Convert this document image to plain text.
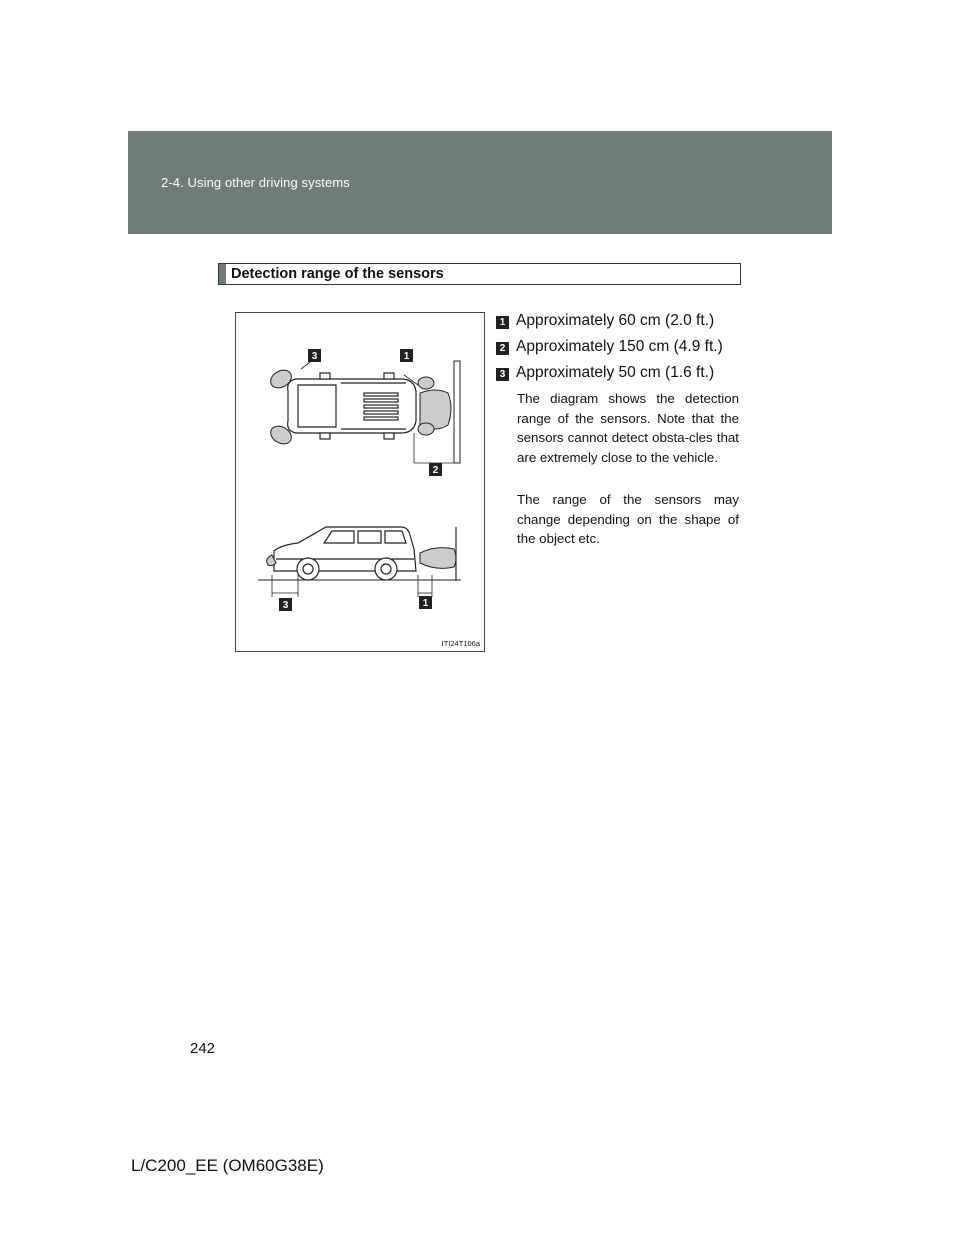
2-4. Using other driving systems
Detection range of the sensors
3	1
2
3	1
ITI24T106a
1 Approximately 60 cm (2.0 ft.)
2 Approximately 150 cm (4.9 ft.)
3 Approximately 50 cm (1.6 ft.)
The diagram shows the detection range of the sensors. Note that the sensors cannot detect obsta-cles that are extremely close to the vehicle.
The range of the sensors may change depending on the shape of the object etc.
242
L/C200_EE (OM60G38E)
